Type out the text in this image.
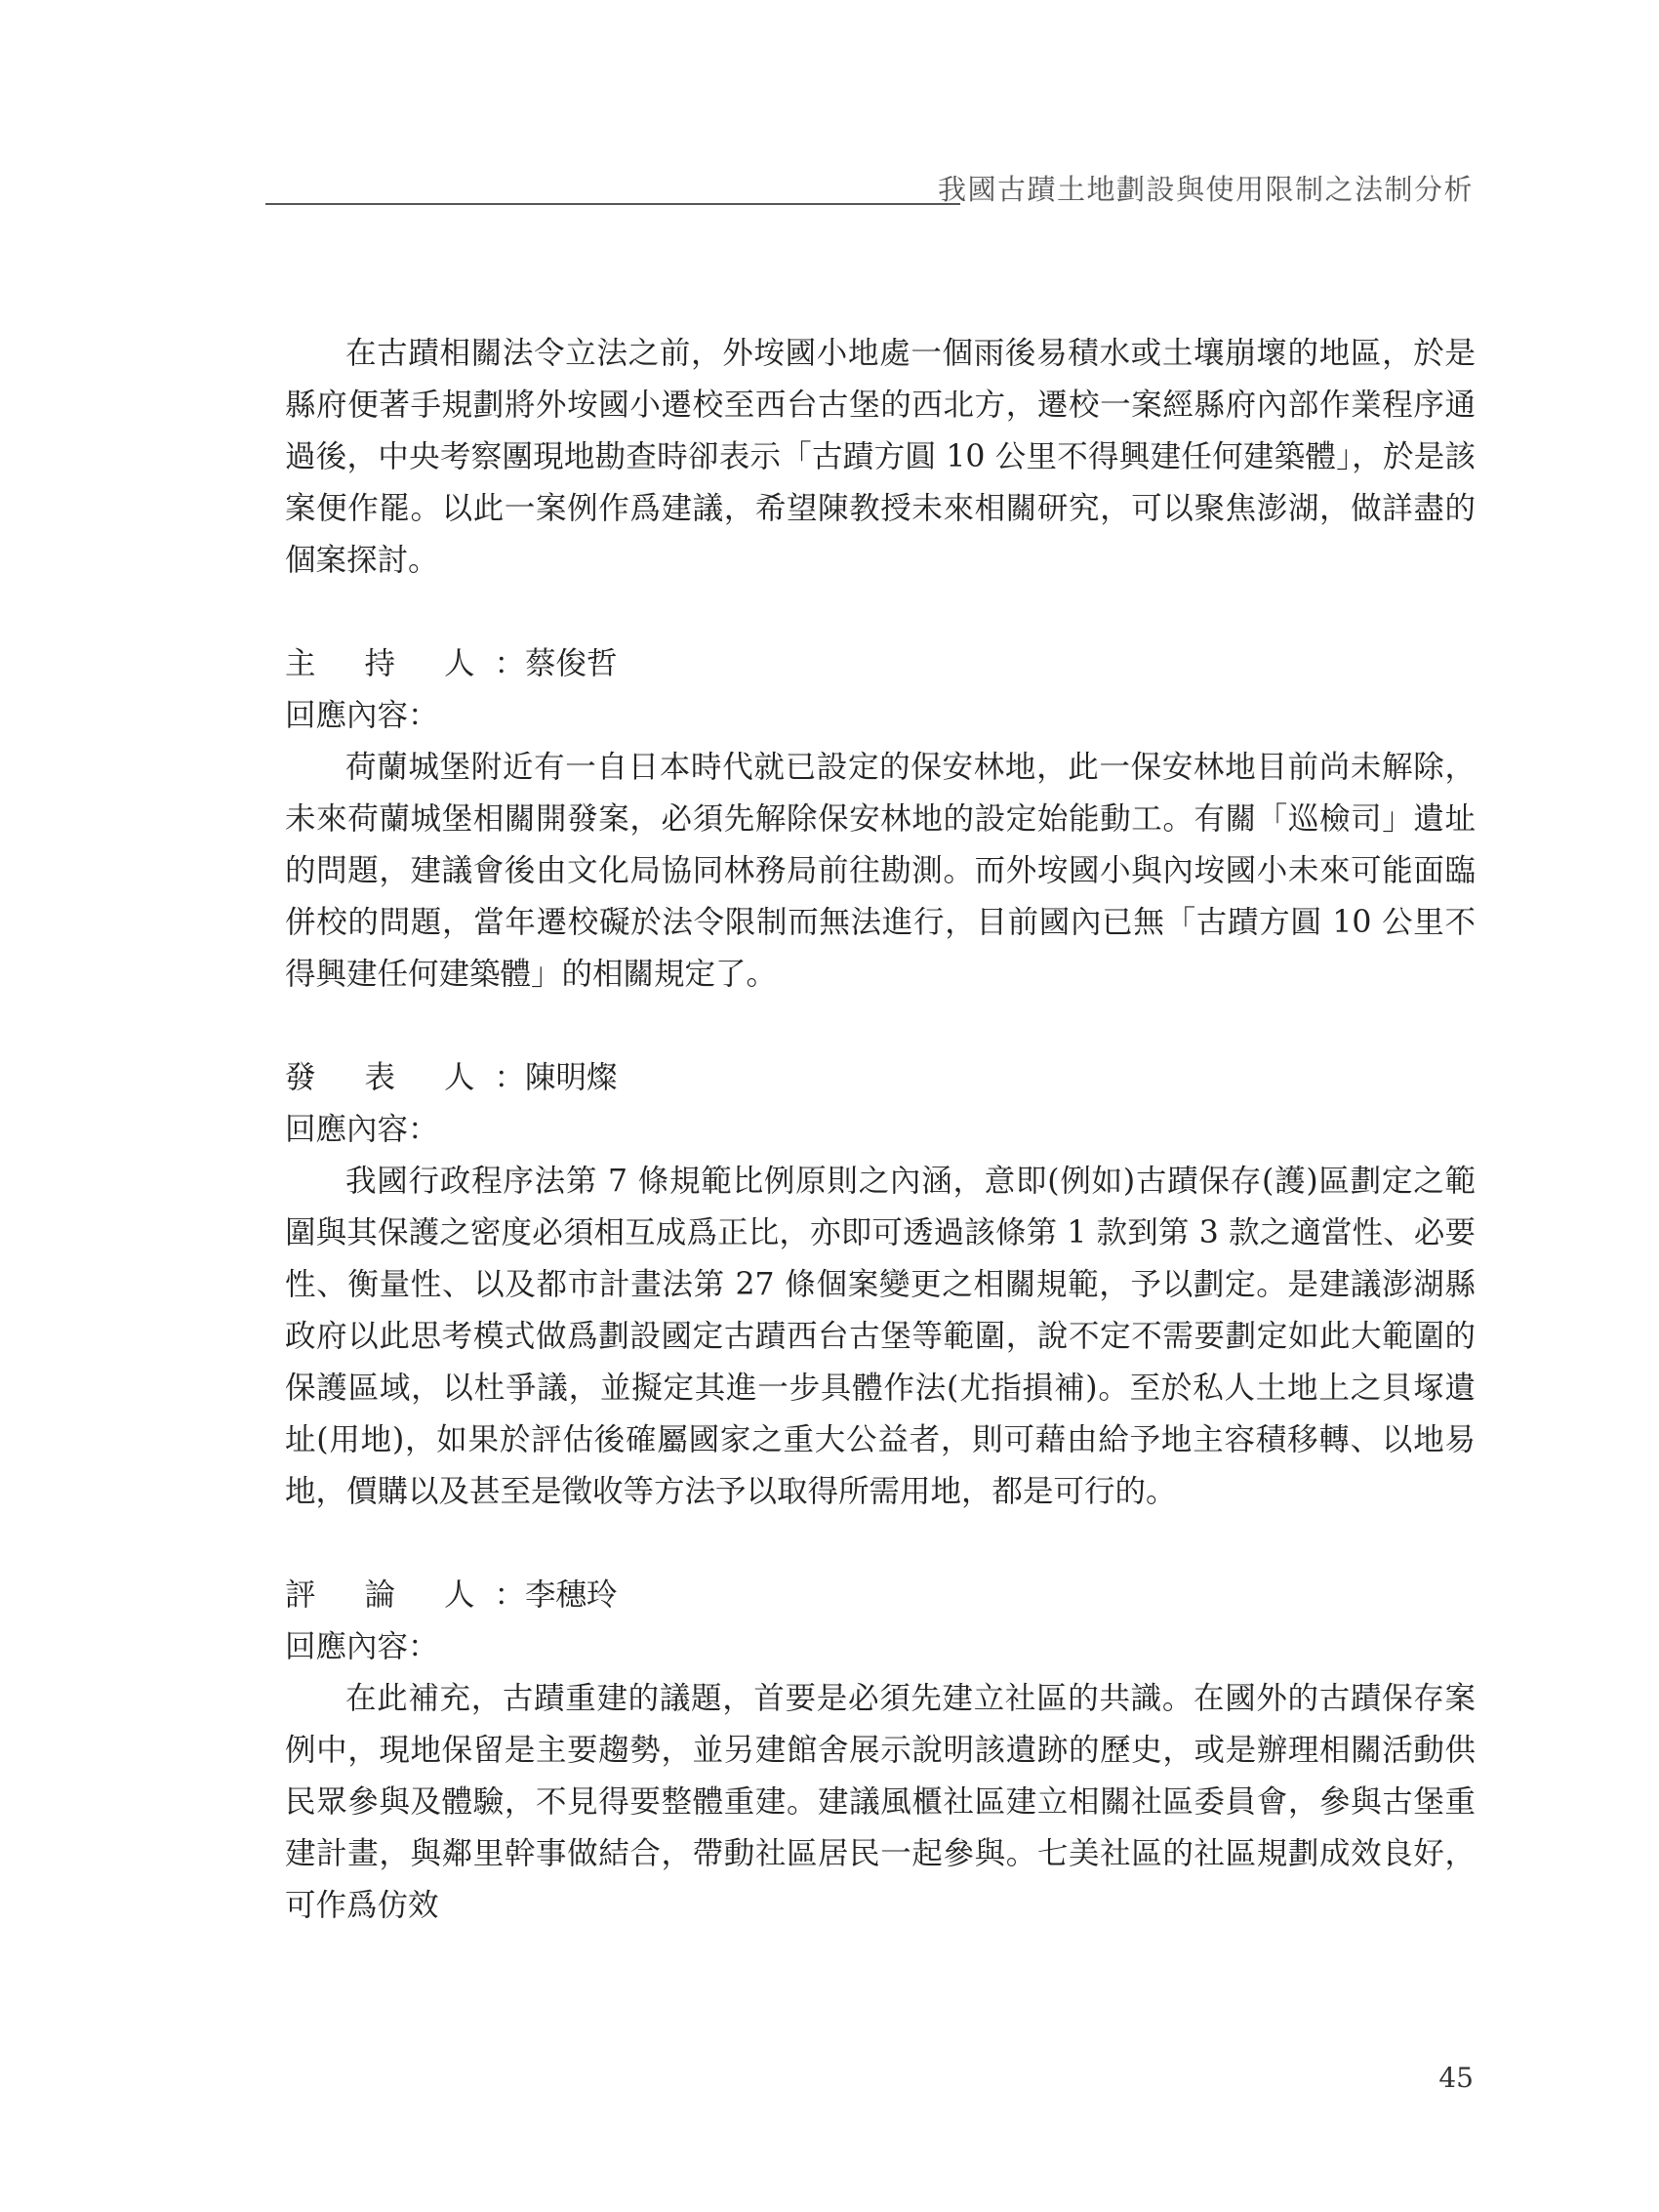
我國古蹟土地劃設與使用限制之法制分析

在古蹟相關法令立法之前，外垵國小地處一個雨後易積水或土壤崩壞的地區，於是縣府便著手規劃將外垵國小遷校至西台古堡的西北方，遷校一案經縣府內部作業程序通過後，中央考察團現地勘查時卻表示「古蹟方圓 10 公里不得興建任何建築體」，於是該案便作罷。以此一案例作爲建議，希望陳教授未來相關研究，可以聚焦澎湖，做詳盡的個案探討。

主 持 人：蔡俊哲

回應內容：

荷蘭城堡附近有一自日本時代就已設定的保安林地，此一保安林地目前尚未解除，未來荷蘭城堡相關開發案，必須先解除保安林地的設定始能動工。有關「巡檢司」遺址的問題，建議會後由文化局協同林務局前往勘測。而外垵國小與內垵國小未來可能面臨併校的問題，當年遷校礙於法令限制而無法進行，目前國內已無「古蹟方圓 10 公里不得興建任何建築體」的相關規定了。

發 表 人：陳明燦

回應內容：

我國行政程序法第 7 條規範比例原則之內涵，意即(例如)古蹟保存(護)區劃定之範圍與其保護之密度必須相互成爲正比，亦即可透過該條第 1 款到第 3 款之適當性、必要性、衡量性、以及都市計畫法第 27 條個案變更之相關規範，予以劃定。是建議澎湖縣政府以此思考模式做爲劃設國定古蹟西台古堡等範圍，說不定不需要劃定如此大範圍的保護區域，以杜爭議，並擬定其進一步具體作法(尤指損補)。至於私人土地上之貝塚遺址(用地)，如果於評估後確屬國家之重大公益者，則可藉由給予地主容積移轉、以地易地，價購以及甚至是徵收等方法予以取得所需用地，都是可行的。

評 論 人：李穗玲

回應內容：

在此補充，古蹟重建的議題，首要是必須先建立社區的共識。在國外的古蹟保存案例中，現地保留是主要趨勢，並另建館舍展示說明該遺跡的歷史，或是辦理相關活動供民眾參與及體驗，不見得要整體重建。建議風櫃社區建立相關社區委員會，參與古堡重建計畫，與鄰里幹事做結合，帶動社區居民一起參與。七美社區的社區規劃成效良好，可作爲仿效

45
